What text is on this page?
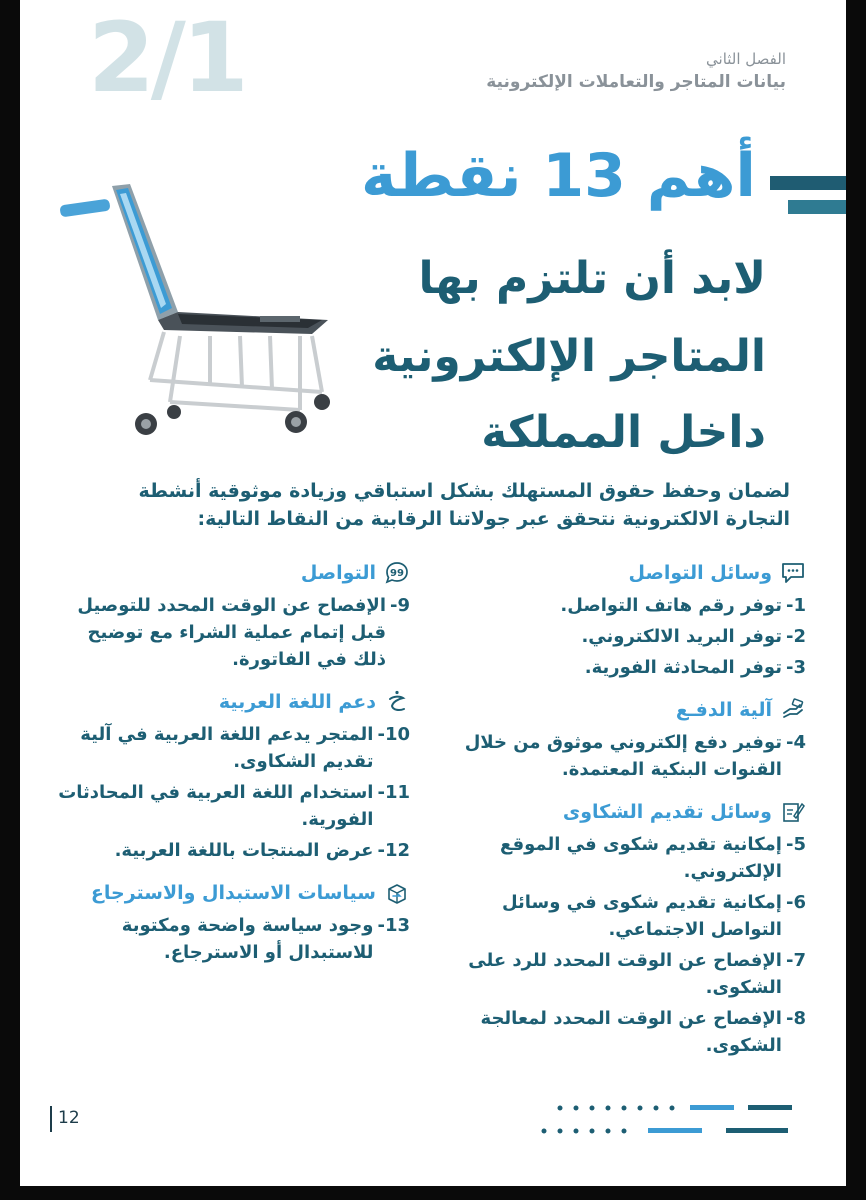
2/1	الفصل الثاني
بيانات المتاجر والتعاملات الإلكترونية
أهم 13 نقطة
لابد أن تلتزم بها
المتاجر الإلكترونية
داخل المملكة
لضمان وحفظ حقوق المستهلك بشكل استباقي وزيادة موثوقية أنشطة التجارة الالكترونية نتحقق عبر جولاتنا الرقابية من النقاط التالية:
وسائل التواصل
1-
توفر رقم هاتف التواصل.
2-
توفر البريد الالكتروني.
3-
توفر المحادثة الفورية.
آلية الدفـع
4-
توفير دفع إلكتروني موثوق من خلال القنوات البنكية المعتمدة.
وسائل تقديم الشكاوى
5-
إمكانية تقديم شكوى في الموقع الإلكتروني.
6-
إمكانية تقديم شكوى في وسائل التواصل الاجتماعي.
7-
الإفصاح عن الوقت المحدد للرد على الشكوى.
8-
الإفصاح عن الوقت المحدد لمعالجة الشكوى.
99
التواصل
9-
الإفصاح عن الوقت المحدد للتوصيل قبل إتمام عملية الشراء مع توضيح ذلك في الفاتورة.
دعم اللغة العربية
10-
المتجر يدعم اللغة العربية في آلية تقديم الشكاوى.
11-
استخدام اللغة العربية في المحادثات الفورية.
12-
عرض المنتجات باللغة العربية.
سياسات الاستبدال والاسترجاع
13-
وجود سياسة واضحة ومكتوبة للاستبدال أو الاسترجاع.
12
